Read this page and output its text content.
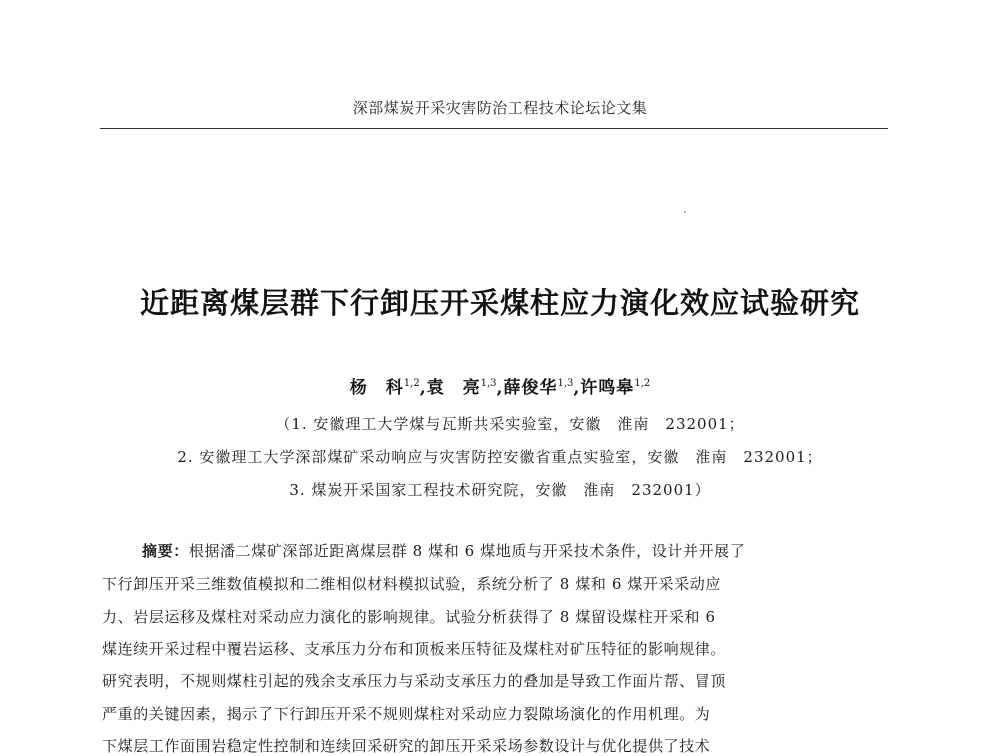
深部煤炭开采灾害防治工程技术论坛论文集
近距离煤层群下行卸压开采煤柱应力演化效应试验研究
杨　科$^{1,2}$,袁　亮$^{1,3}$,薛俊华$^{1,3}$,许鸣皋$^{1,2}$
（1. 安徽理工大学煤与瓦斯共采实验室，安徽　淮南　232001；
2. 安徽理工大学深部煤矿采动响应与灾害防控安徽省重点实验室，安徽　淮南　232001；
3. 煤炭开采国家工程技术研究院，安徽　淮南　232001）
摘要：根据潘二煤矿深部近距离煤层群 8 煤和 6 煤地质与开采技术条件，设计并开展了
下行卸压开采三维数值模拟和二维相似材料模拟试验，系统分析了 8 煤和 6 煤开采采动应
力、岩层运移及煤柱对采动应力演化的影响规律。试验分析获得了 8 煤留设煤柱开采和 6
煤连续开采过程中覆岩运移、支承压力分布和顶板来压特征及煤柱对矿压特征的影响规律。
研究表明，不规则煤柱引起的残余支承压力与采动支承压力的叠加是导致工作面片帮、冒顶
严重的关键因素，揭示了下行卸压开采不规则煤柱对采动应力裂隙场演化的作用机理。为
下煤层工作面围岩稳定性控制和连续回采研究的卸压开采采场参数设计与优化提供了技术
